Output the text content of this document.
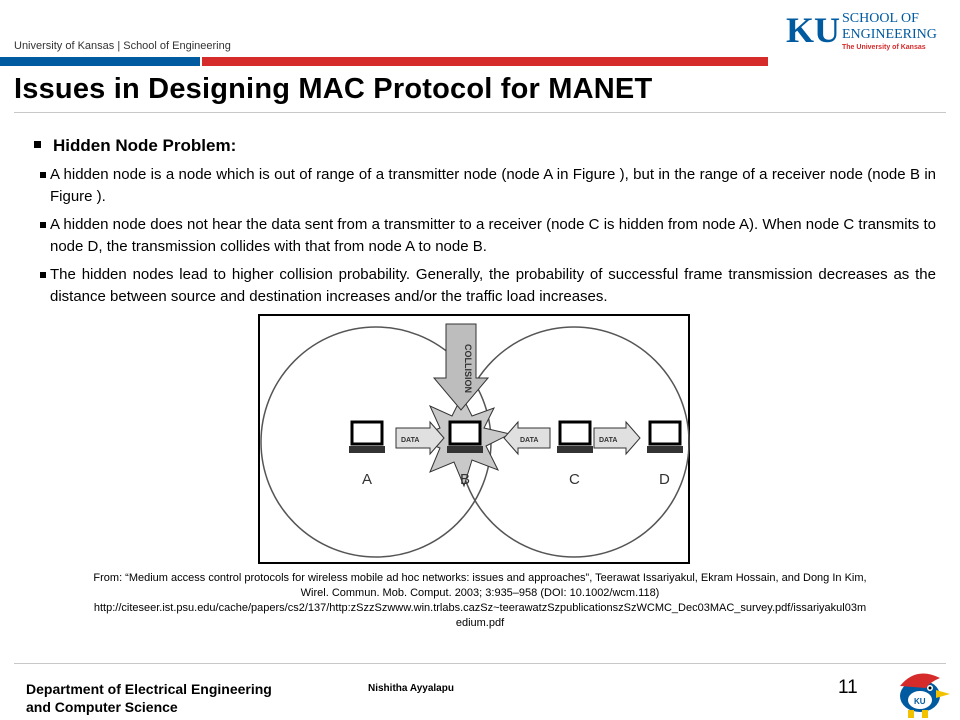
University of Kansas | School of Engineering	KU SCHOOL OF
ENGINEERING
The University of Kansas
Issues in Designing MAC Protocol for MANET
Hidden Node Problem:
A hidden node is a node which is out of range of a transmitter node (node A in Figure ), but in the range of a receiver node (node B in Figure ).
A hidden node does not hear the data sent from a transmitter to a receiver (node C is hidden from node A). When node C transmits to node D, the transmission collides with that from node A to node B.
The hidden nodes lead to higher collision probability. Generally, the probability of successful frame transmission decreases as the distance between source and destination increases and/or the traffic load increases.
COLLISION
DATA	DATA	DATA
A	B	C	D
From: “Medium access control protocols for wireless mobile ad hoc networks: issues and approaches”, Teerawat Issariyakul, Ekram Hossain, and Dong In Kim,
Wirel. Commun. Mob. Comput. 2003; 3:935–958 (DOI: 10.1002/wcm.118)
http://citeseer.ist.psu.edu/cache/papers/cs2/137/http:zSzzSzwww.win.trlabs.cazSz~teerawatzSzpublicationszSzWCMC_Dec03MAC_survey.pdf/issariyakul03m
edium.pdf
Department of Electrical Engineering
and Computer Science
Nishitha Ayyalapu	11
KU
